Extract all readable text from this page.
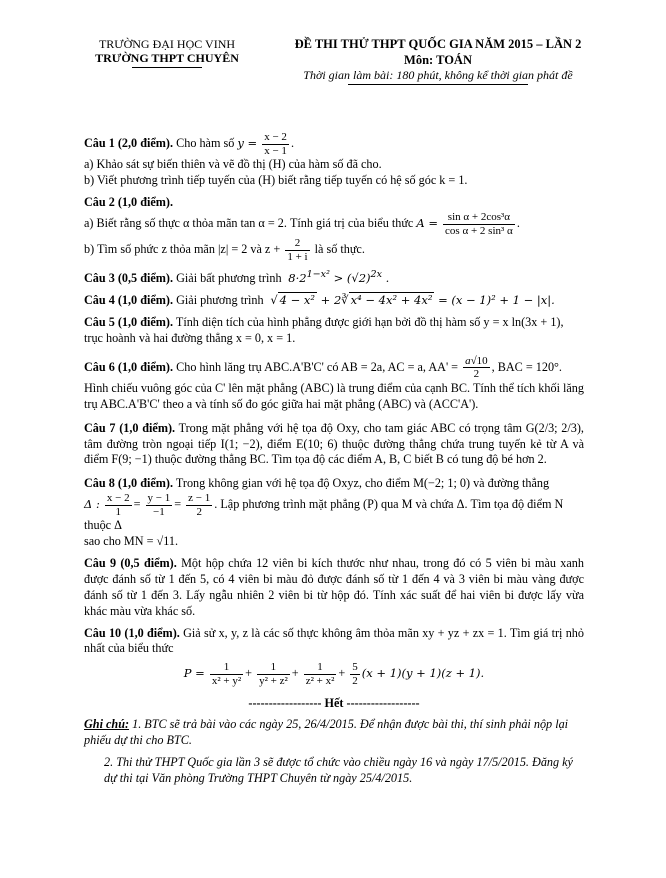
TRƯỜNG ĐẠI HỌC VINH
TRƯỜNG THPT CHUYÊN
ĐỀ THI THỬ THPT QUỐC GIA NĂM 2015 – LẦN 2
Môn: TOÁN
Thời gian làm bài: 180 phút, không kể thời gian phát đề

Câu 1 (2,0 điểm). Cho hàm số $y = \frac{x - 2}{x - 1}$ .

a) Khảo sát sự biến thiên và vẽ đồ thị (H) của hàm số đã cho.

b) Viết phương trình tiếp tuyến của (H) biết rằng tiếp tuyến có hệ số góc k = 1.

Câu 2 (1,0 điểm).

a) Biết rằng số thực α thỏa mãn tan α = 2. Tính giá trị của biểu thức $A = \frac{\text{sin α + 2cos³α}}{\text{cos α + 2 sin³ α}}$ .

b) Tìm số phức z thỏa mãn |z| = 2 và $z + \frac{2}{1 + i}$ là số thực.

Câu 3 (0,5 điểm). Giải bất phương trình  $8\cdot 2^{1-x^2} > (√2)^{2x}$ .

Câu 4 (1,0 điểm). Giải phương trình  √ 4 − x² + 2∛ x⁴ − 4x² + 4x² = (x − 1)² + 1 − |x|.

Câu 5 (1,0 điểm). Tính diện tích của hình phẳng được giới hạn bởi đồ thị hàm số y = x ln(3x + 1),

trục hoành và hai đường thẳng x = 0, x = 1.

Câu 6 (1,0 điểm). Cho hình lăng trụ ABC.A'B'C' có AB = 2a, AC = a, $AA' = \frac{a√10}{2}$ , BAC = 120°.

Hình chiếu vuông góc của C' lên mặt phẳng (ABC) là trung điểm của cạnh BC. Tính thể tích khối lăng trụ ABC.A'B'C' theo a và tính số đo góc giữa hai mặt phẳng (ABC) và (ACC'A').

Câu 7 (1,0 điểm). Trong mặt phẳng với hệ tọa độ Oxy, cho tam giác ABC có trọng tâm G(2/3; 2/3), tâm đường tròn ngoại tiếp I(1; −2), điểm E(10; 6) thuộc đường thẳng chứa trung tuyến kẻ từ A và điểm F(9; −1) thuộc đường thẳng BC. Tìm tọa độ các điểm A, B, C biết B có tung độ bé hơn 2.

Câu 8 (1,0 điểm). Trong không gian với hệ tọa độ Oxyz, cho điểm M(−2; 1; 0) và đường thẳng

Δ : $\frac{x - 2}{1} = \frac{y - 1}{-1} = \frac{z - 1}{2}$ . Lập phương trình mặt phẳng (P) qua M và chứa Δ. Tìm tọa độ điểm N thuộc Δ

sao cho MN = √11.

Câu 9 (0,5 điểm). Một hộp chứa 12 viên bi kích thước như nhau, trong đó có 5 viên bi màu xanh được đánh số từ 1 đến 5, có 4 viên bi màu đỏ được đánh số từ 1 đến 4 và 3 viên bi màu vàng được đánh số từ 1 đến 3. Lấy ngẫu nhiên 2 viên bi từ hộp đó. Tính xác suất để hai viên bi được lấy vừa khác màu vừa khác số.

Câu 10 (1,0 điểm). Giả sử x, y, z là các số thực không âm thỏa mãn xy + yz + zx = 1. Tìm giá trị nhỏ nhất của biểu thức

$P = \frac{1}{\text{x² + y²}} + \frac{1}{\text{y² + z²}} + \frac{1}{\text{z² + x²}} + \frac{5}{2} (x + 1)(y + 1)(z + 1)$.

------------------ Hết ------------------

Ghi chú: 1. BTC sẽ trả bài vào các ngày 25, 26/4/2015. Để nhận được bài thi, thí sinh phải nộp lại phiếu dự thi cho BTC.

2. Thi thử THPT Quốc gia lần 3 sẽ được tổ chức vào chiều ngày 16 và ngày 17/5/2015. Đăng ký dự thi tại Văn phòng Trường THPT Chuyên từ ngày 25/4/2015.
